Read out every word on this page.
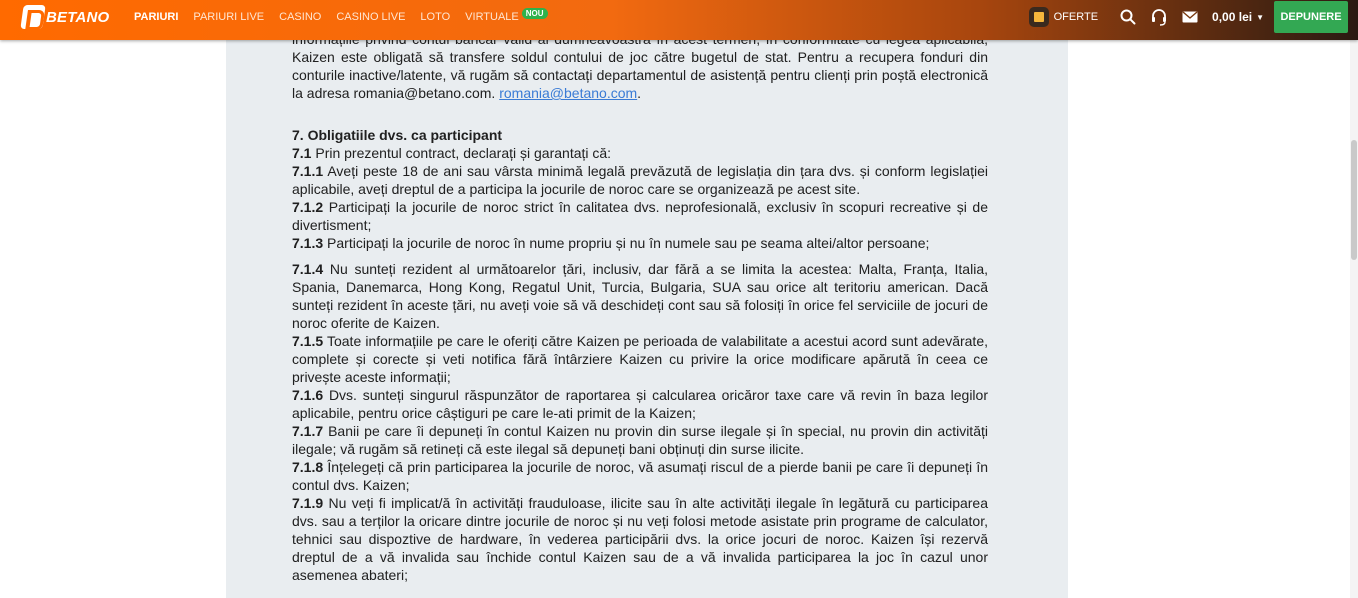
BETANO PARIURI PARIURI LIVE CASINO CASINO LIVE LOTO VIRTUALE NOU	OFERTE	0,00 lei ▼	DEPUNERE

Kaizen este obligată să transfere soldul contului de joc către bugetul de stat. Pentru a recupera fonduri din conturile inactive/latente, vă rugăm să contactați departamentul de asistență pentru clienți prin poștă electronică la adresa romania@betano.com. romania@betano.com.

7. Obligatiile dvs. ca participant

7.1 Prin prezentul contract, declarați și garantați că:

7.1.1 Aveți peste 18 de ani sau vârsta minimă legală prevăzută de legislația din țara dvs. și conform legislației aplicabile, aveți dreptul de a participa la jocurile de noroc care se organizează pe acest site.

7.1.2 Participați la jocurile de noroc strict în calitatea dvs. neprofesională, exclusiv în scopuri recreative și de divertisment;

7.1.3 Participați la jocurile de noroc în nume propriu și nu în numele sau pe seama altei/altor persoane;

7.1.4 Nu sunteți rezident al următoarelor țări, inclusiv, dar fără a se limita la acestea: Malta, Franța, Italia, Spania, Danemarca, Hong Kong, Regatul Unit, Turcia, Bulgaria, SUA sau orice alt teritoriu american. Dacă sunteți rezident în aceste țări, nu aveți voie să vă deschideți cont sau să folosiți în orice fel serviciile de jocuri de noroc oferite de Kaizen.

7.1.5 Toate informațiile pe care le oferiți către Kaizen pe perioada de valabilitate a acestui acord sunt adevărate, complete și corecte și veti notifica fără întârziere Kaizen cu privire la orice modificare apărută în ceea ce privește aceste informații;

7.1.6 Dvs. sunteți singurul răspunzător de raportarea și calcularea oricăror taxe care vă revin în baza legilor aplicabile, pentru orice câștiguri pe care le-ati primit de la Kaizen;

7.1.7 Banii pe care îi depuneți în contul Kaizen nu provin din surse ilegale și în special, nu provin din activități ilegale; vă rugăm să retineți că este ilegal să depuneți bani obținuți din surse ilicite.

7.1.8 Înțelegeți că prin participarea la jocurile de noroc, vă asumați riscul de a pierde banii pe care îi depuneți în contul dvs. Kaizen;

7.1.9 Nu veți fi implicat/ă în activități frauduloase, ilicite sau în alte activități ilegale în legătură cu participarea dvs. sau a terților la oricare dintre jocurile de noroc și nu veți folosi metode asistate prin programe de calculator, tehnici sau dispoztive de hardware, în vederea participării dvs. la orice jocuri de noroc. Kaizen își rezervă dreptul de a vă invalida sau închide contul Kaizen sau de a vă invalida participarea la joc în cazul unor asemenea abateri;
